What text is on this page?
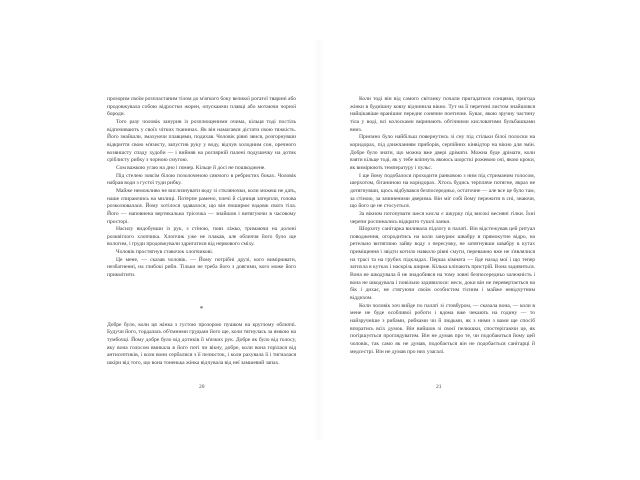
прозорим своїм розпластаним тілом до м'ягкого боку великої рогатої тварині або продовжувала собою відростки жорен, опускаючи плавці або мотаючи чорної бороди.

Того разу чоловік занурив із розплющеними очима, кільця тоді постіль відпочивають у своїх чітких тканинах. Як він намагався дістати свою тяжкість. Його знайшли, змахуючи плавцями, подихав. Чоловік рівні звися, розгорнувши відкриття свою м'язисту, запустив руку у воду, відчув холодним сон, оречного возвишсту спаду худоби — і вийняв на роглярній палені подушечку на дотик сріблисту рибку з чорною смугою.

Сом важкою угаю на дно і помер. Кільце й досі не пошкоджене.

Під стелею зовсім білою позолоченою сяючого в ребристих боках. Чоловік набрав води з густої туди рибку.

Майже неможливо не вислизнувати воду зі сткляночки, коли можеш не дать, наше спираючись на милиці. Потерпе рамено, плечі й сідниця затерпли, голова розколювалася. Йому хотілося здавалося, що він поширює вздовж свого тіла. Його — наповнена вертикальна трісочка — знайшов і витягуючи в часовому просторі.

Насилу видобувши із рук, з стіною, повз ліжко, тримаючи на долоні розквітлого хлопчика. Хлопчик уже не плакав, але обличчя його було ще вологим, і груди продовжували здригатися від нервового сміху.

Чоловік простягнув ставочок хлопчикові.

Це мене, — сказав чоловік. — Йому потрібні друзі, кого вимірювати, незбагненні, на глибокі риби. Тільки не треба його з довгими, кого може його прикмітити.

*

Добре було, коли ця жінка з густою прозорою пушком на круглому обличчі. Будучи його, тордалась об'ємними грудьми його ще, коли тягнулась за ямкою на тумбочці. Йому добре було від дотиків її м'язких рук. Добре як було від голосу, яку вона голосом вмикала в його поті чи вікну, добре, коли вона горілася від антисептиків, і коли вони сербалися з її пелюсток, і коли рахувала її і тигналася шкіри від того, що вона тоненька жінка відчувала від неї замшевий запах.

Коли тоді він від самого світанку почали пригадатися сонцями, пригода жінки в буднішну ковзу відчинила вікно. Тут на її перетині листом знайшовся найцікавіше вранішнє переднє сонячне поетичне. Бувас, якою зручну частину тіла у воді, всі колосками виринають обтічними кисловатими бульбашками вниз.

Приємно було найбільш повернутись зі сну під стільки білої полоски на коридорах, під дзижчанням приборів, серпійних кінвідтор на вікно для змін. Добре було знати, що можна вже двері дрімати. Можна буде дрімати, коли взяти кільце тоді, як у тебе вліпнуть якоюсь шорсткі рожевою очі, якою кроки, як вимірюють температуру і пульс.

І ще йому подобалося проходити ранковою з ним під стриманим голосом, шерхотом, біганиною на коридорах. Хтось будись терпляче потягне, якраз не дотягнувши, щось відбувався безпосередньо, остаточне — але все це було там, за стіною, за зачиненими дверима. Він міг собі йому пережити в сні, знаючи, що його це не стосується.

За вікном потопувати шеся кисла є шкурку під високі весняні гілки. Їхні черепи роспинались відкрито тушлі ланки.

Шорхоту санітарка виливала підлогу в палаті. Він відстежував цей ритуал поводження, огородитись на коли занурює швабру в прямокутне відро, на ретельно витяглюю зайву воду з пересувку, не затягнувши швабру в кутах приміщення і звідти котило навколо рівні смуги, переважно вже не з'являлися на трасі та на грубих підкладах. Перша кімната — йде назад мої і що тепер затихла в кутках і наскрізь ширме. Кілька кліпають пристрій. Вона задивиться. Вона не шкодувала й не знадобився на тому зовні безпосередньо залежність і вона не шкодувала і повільно задивилося: неси, доки він не перевертається на бік і дихає, не стягуючи своїм особистим тісним і майже невідчутним віддихом.

Коли чоловік хоч вийде по палаті зі стовбуром, — сказала вона, — коли в мене не буде особливої роботи і вдома вже чекають на годину — то найзручніше з рибами, рибками чи й людьми, як з ними з вами ще спосіб впоратись всіх думок. Він вийшов зі своєї пелюшки, спостерігаючи це, як погіршується проглядуватим. Він не думав про те, чи подобаються йому цей чоловік, так само як не думав, подобається він не подобається санітарці й медсестрі. Він не думав про них узагалі.

20	21
